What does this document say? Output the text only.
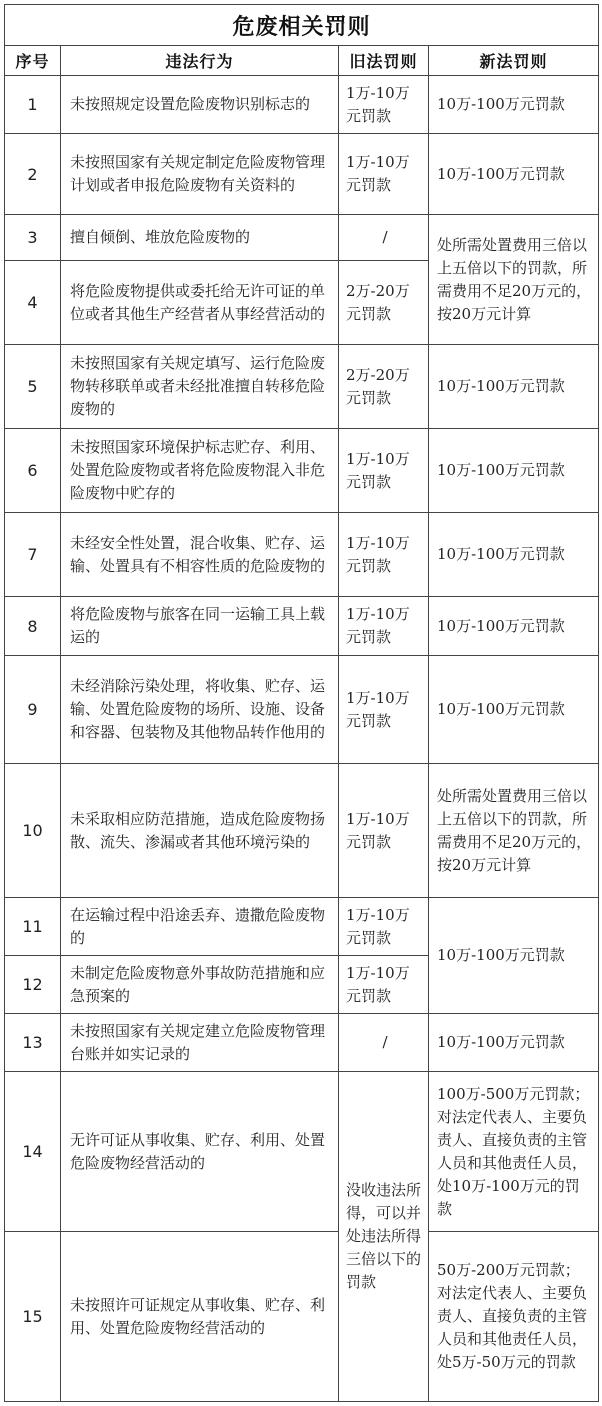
危废相关罚则			
序号	违法行为	旧法罚则	新法罚则
1	未按照规定设置危险废物识别标志的	1万-10万元罚款	10万-100万元罚款
2	未按照国家有关规定制定危险废物管理计划或者申报危险废物有关资料的	1万-10万元罚款	10万-100万元罚款
3	擅自倾倒、堆放危险废物的	/	处所需处置费用三倍以上五倍以下的罚款，所需费用不足20万元的，按20万元计算
4	将危险废物提供或委托给无许可证的单位或者其他生产经营者从事经营活动的	2万-20万元罚款	
5	未按照国家有关规定填写、运行危险废物转移联单或者未经批准擅自转移危险废物的	2万-20万元罚款	10万-100万元罚款
6	未按照国家环境保护标志贮存、利用、处置危险废物或者将危险废物混入非危险废物中贮存的	1万-10万元罚款	10万-100万元罚款
7	未经安全性处置，混合收集、贮存、运输、处置具有不相容性质的危险废物的	1万-10万元罚款	10万-100万元罚款
8	将危险废物与旅客在同一运输工具上载运的	1万-10万元罚款	10万-100万元罚款
9	未经消除污染处理，将收集、贮存、运输、处置危险废物的场所、设施、设备和容器、包装物及其他物品转作他用的	1万-10万元罚款	10万-100万元罚款
10	未采取相应防范措施，造成危险废物扬散、流失、渗漏或者其他环境污染的	1万-10万元罚款	处所需处置费用三倍以上五倍以下的罚款，所需费用不足20万元的，按20万元计算
11	在运输过程中沿途丢弃、遗撒危险废物的	1万-10万元罚款	10万-100万元罚款
12	未制定危险废物意外事故防范措施和应急预案的	1万-10万元罚款	
13	未按照国家有关规定建立危险废物管理台账并如实记录的	/	10万-100万元罚款
14	无许可证从事收集、贮存、利用、处置危险废物经营活动的	没收违法所得，可以并处违法所得三倍以下的罚款	100万-500万元罚款；对法定代表人、主要负责人、直接负责的主管人员和其他责任人员，处10万-100万元的罚款
15	未按照许可证规定从事收集、贮存、利用、处置危险废物经营活动的		50万-200万元罚款；对法定代表人、主要负责人、直接负责的主管人员和其他责任人员，处5万-50万元的罚款
